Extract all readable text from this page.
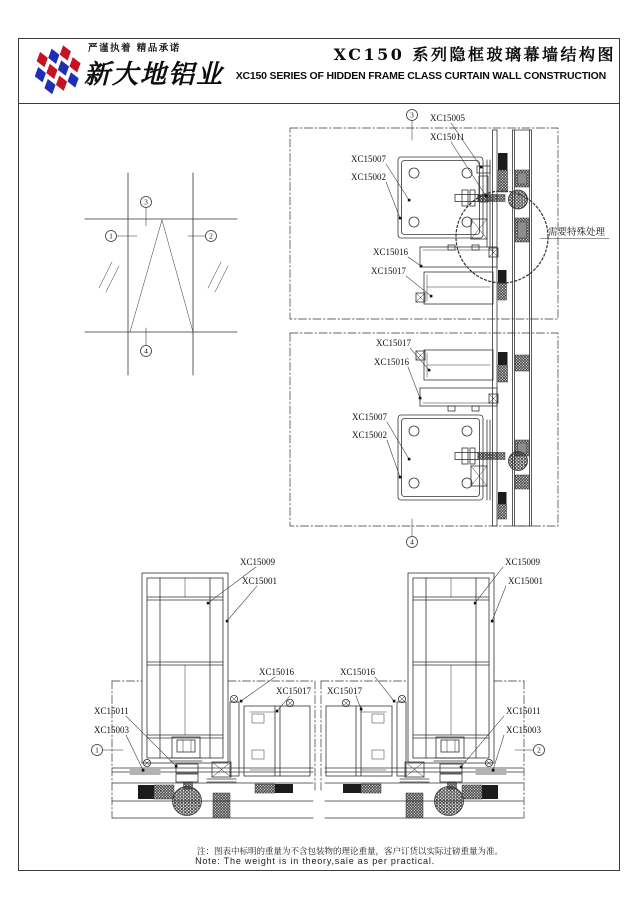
严谨执着 精品承诺
新大地铝业
XC150 系列隐框玻璃幕墙结构图
XC150 SERIES OF HIDDEN FRAME CLASS CURTAIN WALL CONSTRUCTION
1	2
3
4
需要特殊处理
3 XC15005
XC15011
XC15007
XC15002
XC15016
XC15017
4
XC15017
XC15016
XC15007
XC15002
XC15009
XC15001
XC15016
XC15017
XC15011
XC15003
1
XC15009
XC15001
XC15016
XC15017
XC15011
XC15003
2
注：图表中标明的重量为不含包装物的理论重量，客户订货以实际过磅重量为准。
Note: The weight is in theory,sale as per practical.
